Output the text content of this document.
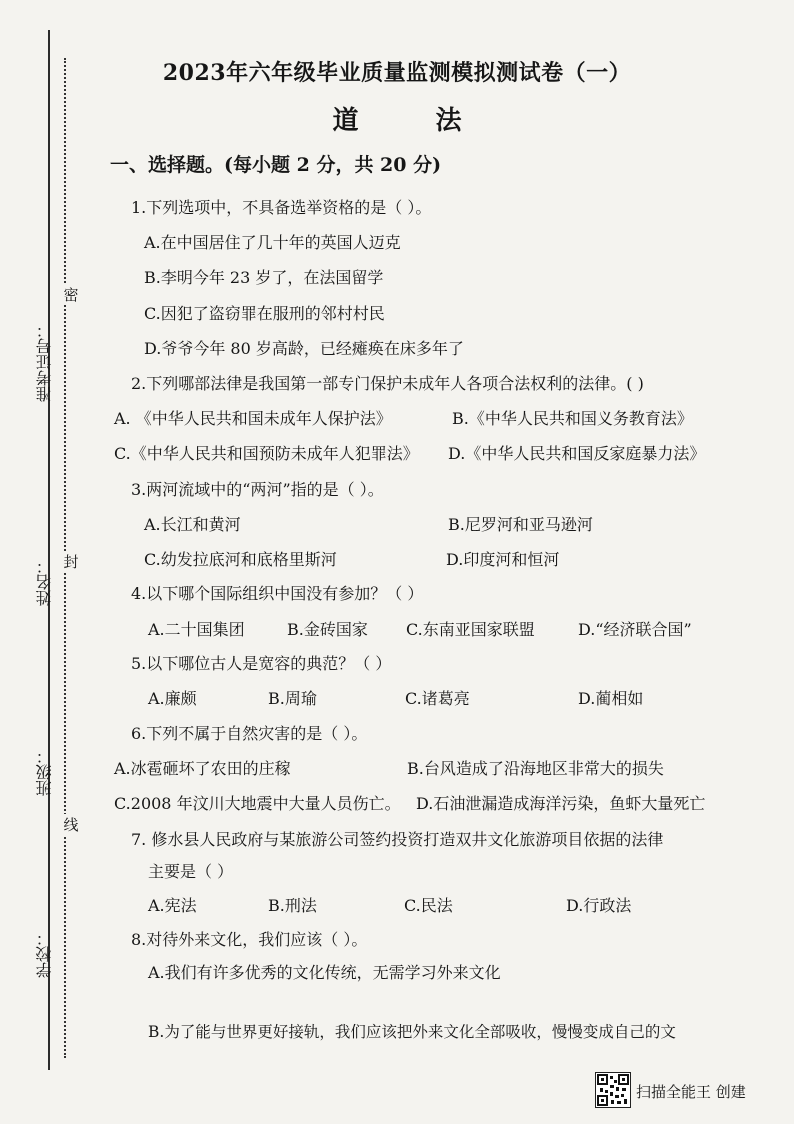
准考证号：
姓名：
班级：
学校：
密
封
线
2023年六年级毕业质量监测模拟测试卷（一）
道	法
一、选择题。(每小题 2 分，共 20 分)
1.下列选项中，不具备选举资格的是（ ）。
A.在中国居住了几十年的英国人迈克
B.李明今年 23 岁了，在法国留学
C.因犯了盗窃罪在服刑的邻村村民
D.爷爷今年 80 岁高龄，已经瘫痪在床多年了
2.下列哪部法律是我国第一部专门保护未成年人各项合法权利的法律。( )
A. 《中华人民共和国未成年人保护法》	B.《中华人民共和国义务教育法》
C.《中华人民共和国预防未成年人犯罪法》 D.《中华人民共和国反家庭暴力法》
3.两河流域中的“两河”指的是（ ）。
A.长江和黄河	B.尼罗河和亚马逊河
C.幼发拉底河和底格里斯河	D.印度河和恒河
4.以下哪个国际组织中国没有参加？（ ）
A.二十国集团	B.金砖国家 C.东南亚国家联盟	D.“经济联合国”
5.以下哪位古人是宽容的典范？（ ）
A.廉颇	B.周瑜	C.诸葛亮	D.蔺相如
6.下列不属于自然灾害的是（ ）。
A.冰雹砸坏了农田的庄稼	B.台风造成了沿海地区非常大的损失
C.2008 年汶川大地震中大量人员伤亡。 D.石油泄漏造成海洋污染，鱼虾大量死亡
7. 修水县人民政府与某旅游公司签约投资打造双井文化旅游项目依据的法律
主要是（ ）
A.宪法	B.刑法	C.民法	D.行政法
8.对待外来文化，我们应该（ ）。
A.我们有许多优秀的文化传统，无需学习外来文化
B.为了能与世界更好接轨，我们应该把外来文化全部吸收，慢慢变成自己的文
扫描全能王 创建
